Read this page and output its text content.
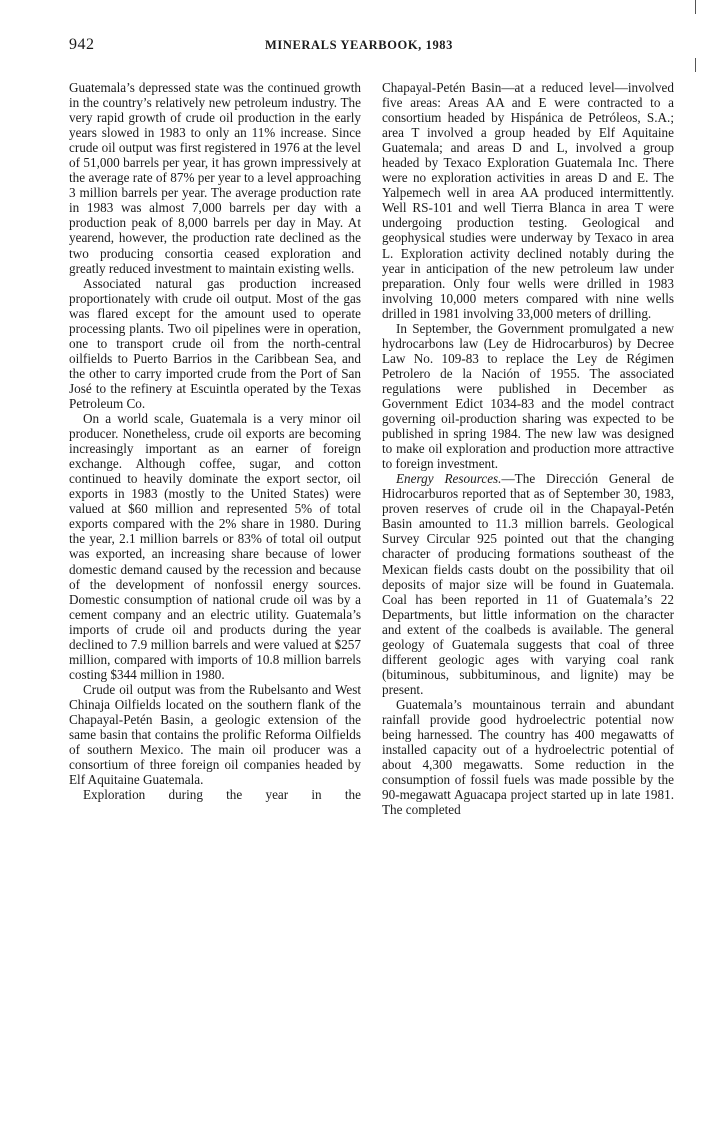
942	MINERALS YEARBOOK, 1983

Guatemala’s depressed state was the continued growth in the country’s relatively new petroleum industry. The very rapid growth of crude oil production in the early years slowed in 1983 to only an 11% increase. Since crude oil output was first registered in 1976 at the level of 51,000 barrels per year, it has grown impressively at the average rate of 87% per year to a level approaching 3 million barrels per year. The average production rate in 1983 was almost 7,000 barrels per day with a production peak of 8,000 barrels per day in May. At yearend, however, the production rate declined as the two producing consortia ceased exploration and greatly reduced investment to maintain existing wells.

Associated natural gas production increased proportionately with crude oil output. Most of the gas was flared except for the amount used to operate processing plants. Two oil pipelines were in operation, one to transport crude oil from the north-central oilfields to Puerto Barrios in the Caribbean Sea, and the other to carry imported crude from the Port of San José to the refinery at Escuintla operated by the Texas Petroleum Co.

On a world scale, Guatemala is a very minor oil producer. Nonetheless, crude oil exports are becoming increasingly important as an earner of foreign exchange. Although coffee, sugar, and cotton continued to heavily dominate the export sector, oil exports in 1983 (mostly to the United States) were valued at $60 million and represented 5% of total exports compared with the 2% share in 1980. During the year, 2.1 million barrels or 83% of total oil output was exported, an increasing share because of lower domestic demand caused by the recession and because of the development of nonfossil energy sources. Domestic consumption of national crude oil was by a cement company and an electric utility. Guatemala’s imports of crude oil and products during the year declined to 7.9 million barrels and were valued at $257 million, compared with imports of 10.8 million barrels costing $344 million in 1980.

Crude oil output was from the Rubelsanto and West Chinaja Oilfields located on the southern flank of the Chapayal-Petén Basin, a geologic extension of the same basin that contains the prolific Reforma Oilfields of southern Mexico. The main oil producer was a consortium of three foreign oil companies headed by Elf Aquitaine Guatemala.

Exploration during the year in the

Chapayal-Petén Basin—at a reduced level—involved five areas: Areas AA and E were contracted to a consortium headed by Hispánica de Petróleos, S.A.; area T involved a group headed by Elf Aquitaine Guatemala; and areas D and L, involved a group headed by Texaco Exploration Guatemala Inc. There were no exploration activities in areas D and E. The Yalpemech well in area AA produced intermittently. Well RS-101 and well Tierra Blanca in area T were undergoing production testing. Geological and geophysical studies were underway by Texaco in area L. Exploration activity declined notably during the year in anticipation of the new petroleum law under preparation. Only four wells were drilled in 1983 involving 10,000 meters compared with nine wells drilled in 1981 involving 33,000 meters of drilling.

In September, the Government promulgated a new hydrocarbons law (Ley de Hidrocarburos) by Decree Law No. 109-83 to replace the Ley de Régimen Petrolero de la Nación of 1955. The associated regulations were published in December as Government Edict 1034-83 and the model contract governing oil-production sharing was expected to be published in spring 1984. The new law was designed to make oil exploration and production more attractive to foreign investment.

Energy Resources.—The Dirección General de Hidrocarburos reported that as of September 30, 1983, proven reserves of crude oil in the Chapayal-Petén Basin amounted to 11.3 million barrels. Geological Survey Circular 925 pointed out that the changing character of producing formations southeast of the Mexican fields casts doubt on the possibility that oil deposits of major size will be found in Guatemala. Coal has been reported in 11 of Guatemala’s 22 Departments, but little information on the character and extent of the coalbeds is available. The general geology of Guatemala suggests that coal of three different geologic ages with varying coal rank (bituminous, subbituminous, and lignite) may be present.

Guatemala’s mountainous terrain and abundant rainfall provide good hydroelectric potential now being harnessed. The country has 400 megawatts of installed capacity out of a hydroelectric potential of about 4,300 megawatts. Some reduction in the consumption of fossil fuels was made possible by the 90-megawatt Aguacapa project started up in late 1981. The completed
